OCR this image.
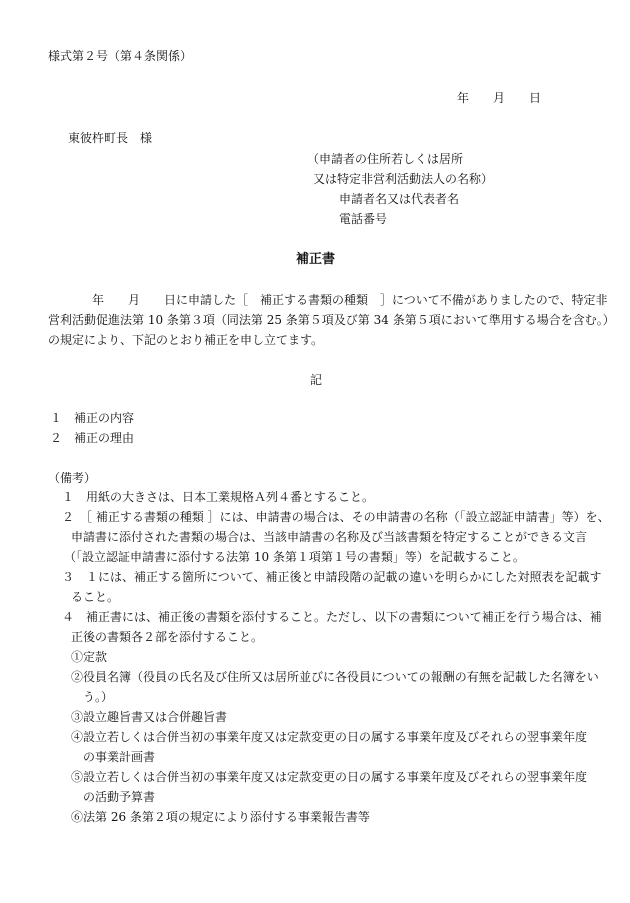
様式第２号（第４条関係）
年　　月　　日
東彼杵町長　様
（申請者の住所若しくは居所
又は特定非営利活動法人の名称）
申請者名又は代表者名
電話番号
補正書
年　　月　　日に申請した［　補正する書類の種類　］について不備がありましたので、特定非
営利活動促進法第 10 条第３項（同法第 25 条第５項及び第 34 条第５項において準用する場合を含む。）
の規定により、下記のとおり補正を申し立てます。
記
１　補正の内容
２　補正の理由
（備考）
１　用紙の大きさは、日本工業規格Ａ列４番とすること。
２　［ 補正する書類の種類 ］には、申請書の場合は、その申請書の名称（「設立認証申請書」等）を、
申請書に添付された書類の場合は、当該申請書の名称及び当該書類を特定することができる文言
（「設立認証申請書に添付する法第 10 条第１項第１号の書類」等）を記載すること。
３　１には、補正する箇所について、補正後と申請段階の記載の違いを明らかにした対照表を記載す
ること。
４　補正書には、補正後の書類を添付すること。ただし、以下の書類について補正を行う場合は、補
正後の書類各２部を添付すること。
①定款
②役員名簿（役員の氏名及び住所又は居所並びに各役員についての報酬の有無を記載した名簿をい
う。）
③設立趣旨書又は合併趣旨書
④設立若しくは合併当初の事業年度又は定款変更の日の属する事業年度及びそれらの翌事業年度
の事業計画書
⑤設立若しくは合併当初の事業年度又は定款変更の日の属する事業年度及びそれらの翌事業年度
の活動予算書
⑥法第 26 条第２項の規定により添付する事業報告書等
